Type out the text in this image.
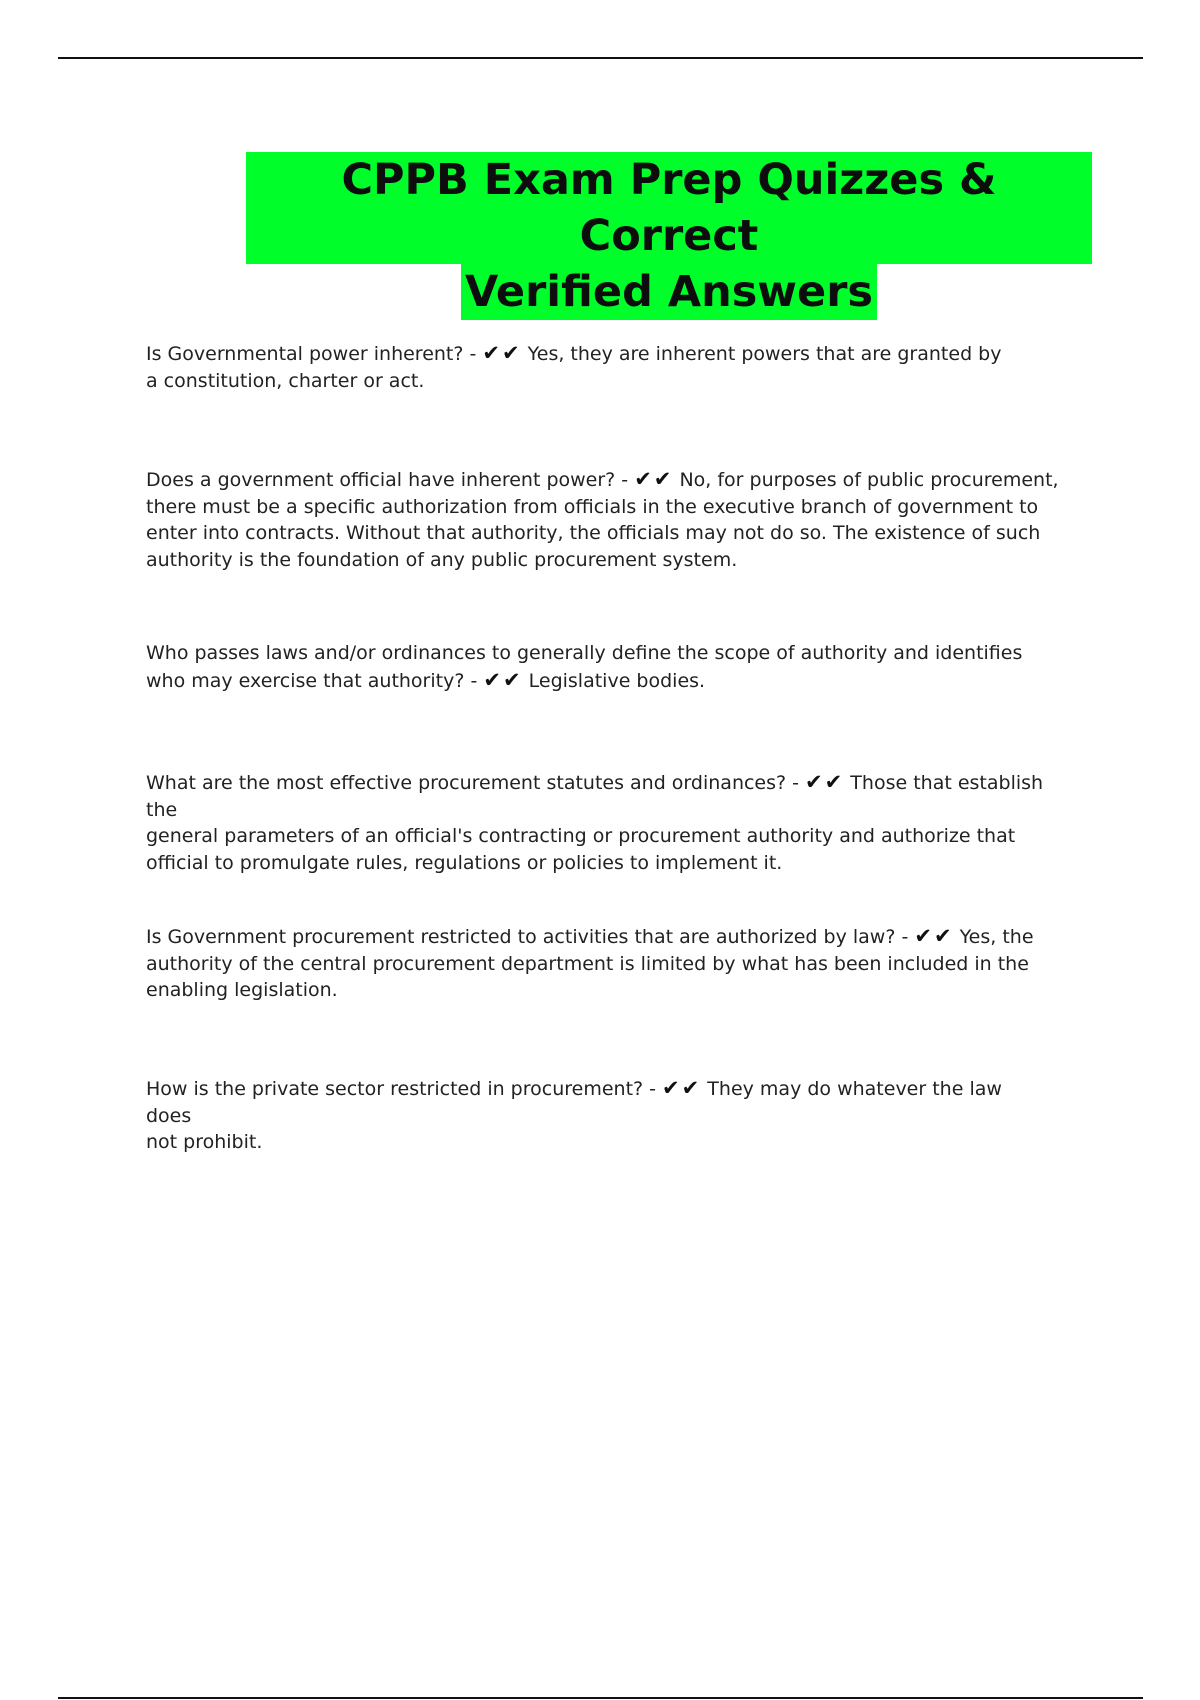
CPPB Exam Prep Quizzes & Correct
Verified Answers

Is Governmental power inherent? - ✔✔ Yes, they are inherent powers that are granted by
a constitution, charter or act.

Does a government official have inherent power? - ✔✔ No, for purposes of public procurement,
there must be a specific authorization from officials in the executive branch of government to enter into contracts. Without that authority, the officials may not do so. The existence of such authority is the foundation of any public procurement system.

Who passes laws and/or ordinances to generally define the scope of authority and identifies who may exercise that authority? - ✔✔ Legislative bodies.

What are the most effective procurement statutes and ordinances? - ✔✔ Those that establish the
general parameters of an official's contracting or procurement authority and authorize that official to promulgate rules, regulations or policies to implement it.

Is Government procurement restricted to activities that are authorized by law? - ✔✔ Yes, the
authority of the central procurement department is limited by what has been included in the enabling legislation.

How is the private sector restricted in procurement? - ✔✔ They may do whatever the law does
not prohibit.
